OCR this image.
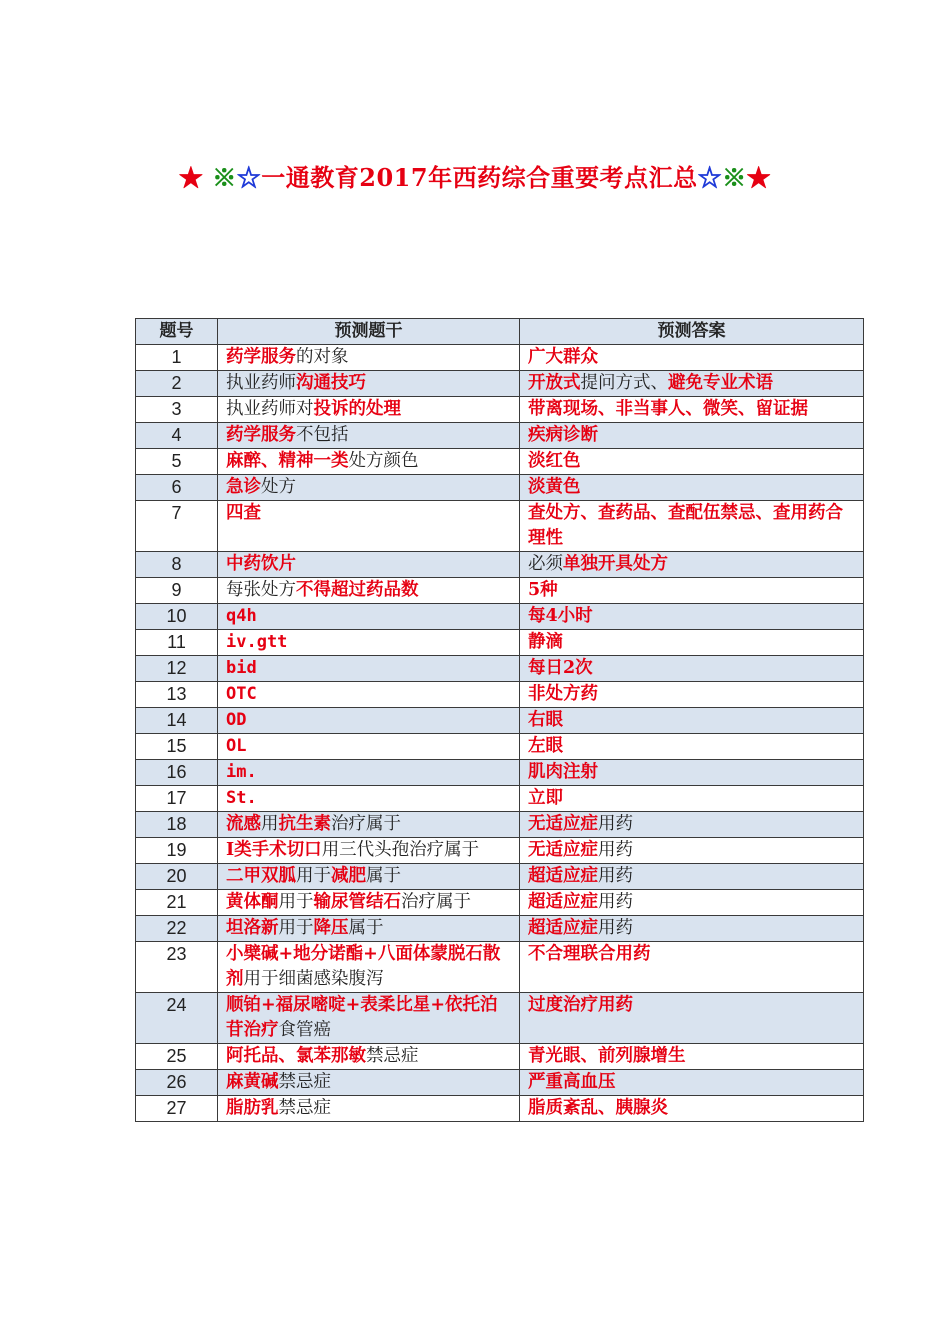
★ ※☆一通教育2017年西药综合重要考点汇总☆※★
题号	预测题干	预测答案
1	药学服务的对象	广大群众
2	执业药师沟通技巧	开放式提问方式、避免专业术语
3	执业药师对投诉的处理	带离现场、非当事人、微笑、留证据
4	药学服务不包括	疾病诊断
5	麻醉、精神一类处方颜色	淡红色
6	急诊处方	淡黄色
7	四查	查处方、查药品、查配伍禁忌、查用药合理性
8	中药饮片	必须单独开具处方
9	每张处方不得超过药品数	5种
10	q4h	每4小时
11	iv.gtt	静滴
12	bid	每日2次
13	OTC	非处方药
14	OD	右眼
15	OL	左眼
16	im.	肌肉注射
17	St.	立即
18	流感用抗生素治疗属于	无适应症用药
19	Ⅰ类手术切口用三代头孢治疗属于	无适应症用药
20	二甲双胍用于减肥属于	超适应症用药
21	黄体酮用于输尿管结石治疗属于	超适应症用药
22	坦洛新用于降压属于	超适应症用药
23	小檗碱+地分诺酯+八面体蒙脱石散剂用于细菌感染腹泻	不合理联合用药
24	顺铂+福尿嘧啶+表柔比星+依托泊苷治疗食管癌	过度治疗用药
25	阿托品、氯苯那敏禁忌症	青光眼、前列腺增生
26	麻黄碱禁忌症	严重高血压
27	脂肪乳禁忌症	脂质紊乱、胰腺炎
